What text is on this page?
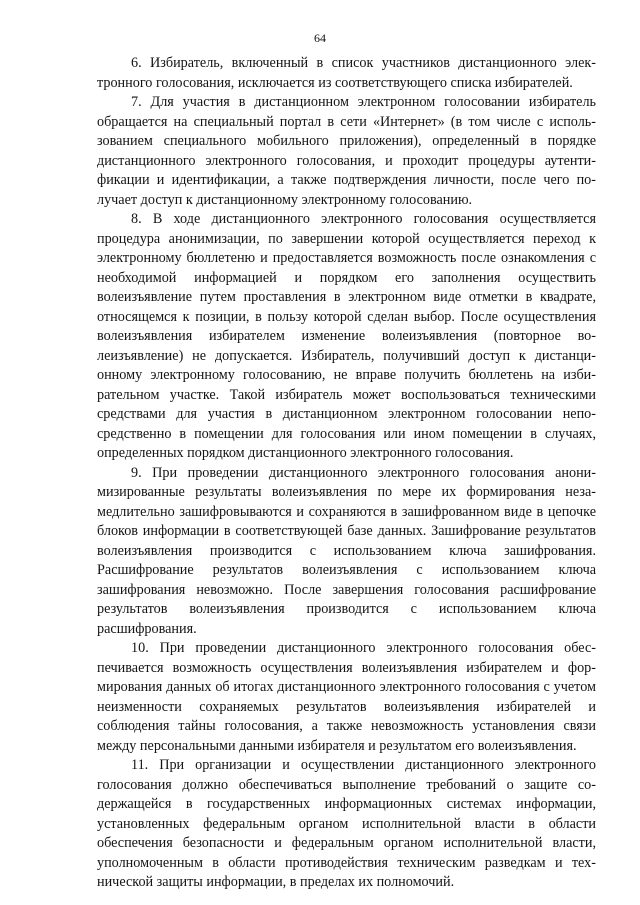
64

6. Избиратель, включенный в список участников дистанционного электронного голосования, исключается из соответствующего списка избирателей.

7. Для участия в дистанционном электронном голосовании избиратель обращается на специальный портал в сети «Интернет» (в том числе с использованием специального мобильного приложения), определенный в порядке дистанционного электронного голосования, и проходит процедуры аутентификации и идентификации, а также подтверждения личности, после чего получает доступ к дистанционному электронному голосованию.

8. В ходе дистанционного электронного голосования осуществляется процедура анонимизации, по завершении которой осуществляется переход к электронному бюллетеню и предоставляется возможность после ознакомления с необходимой информацией и порядком его заполнения осуществить волеизъявление путем проставления в электронном виде отметки в квадрате, относящемся к позиции, в пользу которой сделан выбор. После осуществления волеизъявления избирателем изменение волеизъявления (повторное волеизъявление) не допускается. Избиратель, получивший доступ к дистанционному электронному голосованию, не вправе получить бюллетень на избирательном участке. Такой избиратель может воспользоваться техническими средствами для участия в дистанционном электронном голосовании непосредственно в помещении для голосования или ином помещении в случаях, определенных порядком дистанционного электронного голосования.

9. При проведении дистанционного электронного голосования анонимизированные результаты волеизъявления по мере их формирования незамедлительно зашифровываются и сохраняются в зашифрованном виде в цепочке блоков информации в соответствующей базе данных. Зашифрование результатов волеизъявления производится с использованием ключа зашифрования. Расшифрование результатов волеизъявления с использованием ключа зашифрования невозможно. После завершения голосования расшифрование результатов волеизъявления производится с использованием ключа расшифрования.

10. При проведении дистанционного электронного голосования обеспечивается возможность осуществления волеизъявления избирателем и формирования данных об итогах дистанционного электронного голосования с учетом неизменности сохраняемых результатов волеизъявления избирателей и соблюдения тайны голосования, а также невозможность установления связи между персональными данными избирателя и результатом его волеизъявления.

11. При организации и осуществлении дистанционного электронного голосования должно обеспечиваться выполнение требований о защите содержащейся в государственных информационных системах информации, установленных федеральным органом исполнительной власти в области обеспечения безопасности и федеральным органом исполнительной власти, уполномоченным в области противодействия техническим разведкам и технической защиты информации, в пределах их полномочий.
